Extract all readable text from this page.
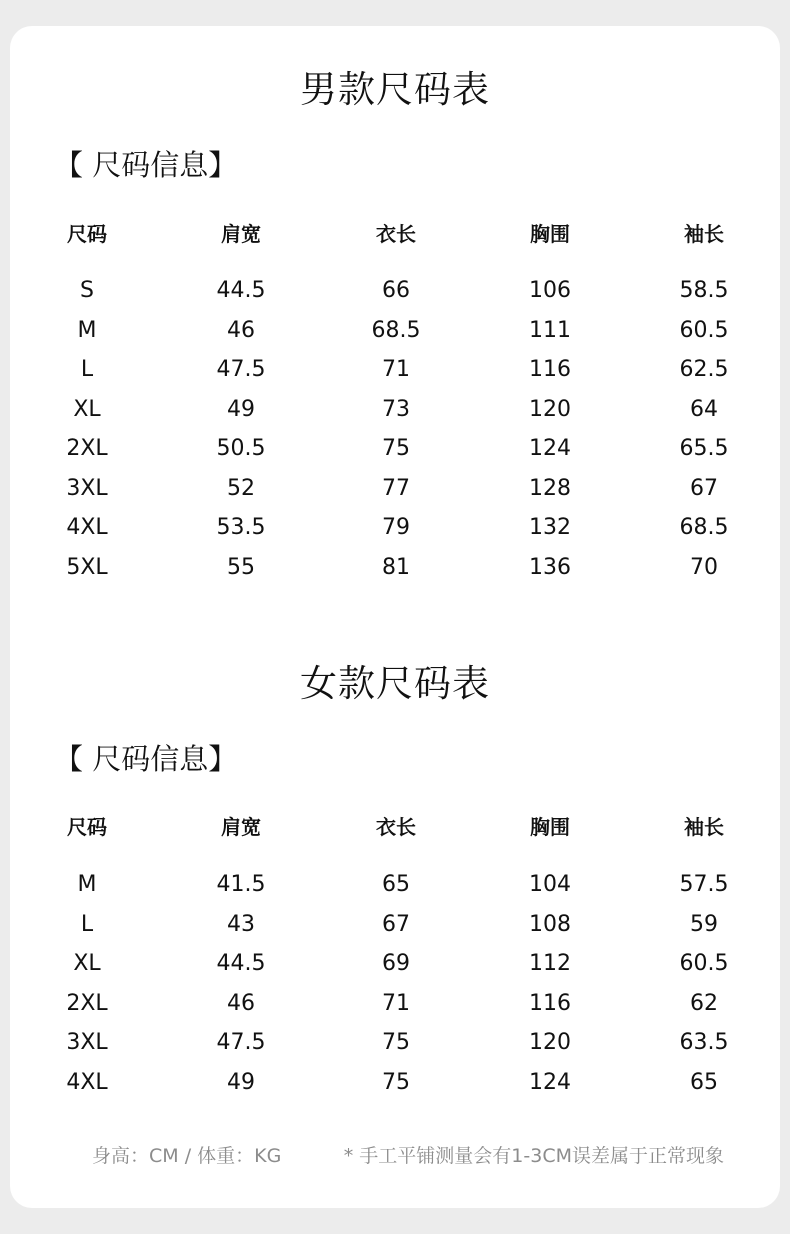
男款尺码表
【 尺码信息】
尺码	肩宽	衣长	胸围	袖长
S	44.5	66	106	58.5
M	46	68.5	111	60.5
L	47.5	71	116	62.5
XL	49	73	120	64
2XL	50.5	75	124	65.5
3XL	52	77	128	67
4XL	53.5	79	132	68.5
5XL	55	81	136	70
女款尺码表
【 尺码信息】
尺码	肩宽	衣长	胸围	袖长
M	41.5	65	104	57.5
L	43	67	108	59
XL	44.5	69	112	60.5
2XL	46	71	116	62
3XL	47.5	75	120	63.5
4XL	49	75	124	65
身高：CM / 体重：KG	* 手工平铺测量会有1-3CM误差属于正常现象
